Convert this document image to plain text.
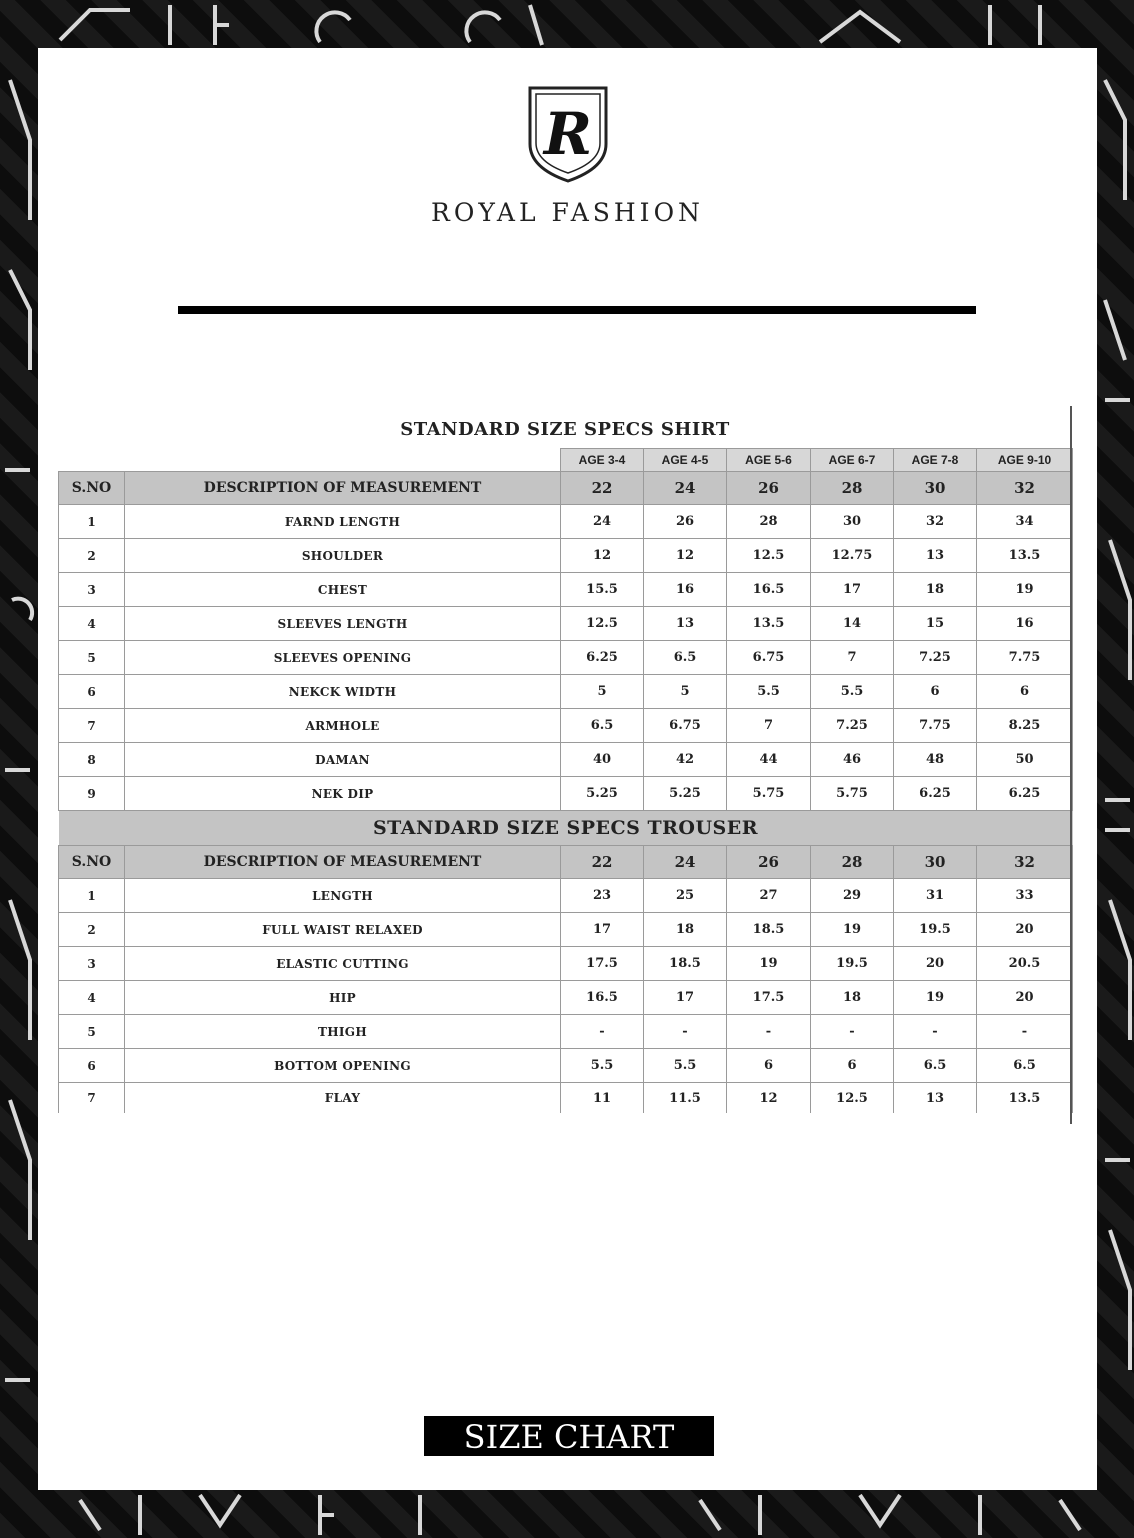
R
ROYAL FASHION
STANDARD SIZE SPECS SHIRT
		AGE 3-4	AGE 4-5	AGE 5-6	AGE 6-7	AGE 7-8	AGE 9-10
S.NO	DESCRIPTION OF MEASUREMENT	22	24	26	28	30	32
1	FARND LENGTH	24	26	28	30	32	34
2	SHOULDER	12	12	12.5	12.75	13	13.5
3	CHEST	15.5	16	16.5	17	18	19
4	SLEEVES LENGTH	12.5	13	13.5	14	15	16
5	SLEEVES OPENING	6.25	6.5	6.75	7	7.25	7.75
6	NEKCK WIDTH	5	5	5.5	5.5	6	6
7	ARMHOLE	6.5	6.75	7	7.25	7.75	8.25
8	DAMAN	40	42	44	46	48	50
9	NEK DIP	5.25	5.25	5.75	5.75	6.25	6.25
STANDARD SIZE SPECS TROUSER							
S.NO	DESCRIPTION OF MEASUREMENT	22	24	26	28	30	32
1	LENGTH	23	25	27	29	31	33
2	FULL WAIST RELAXED	17	18	18.5	19	19.5	20
3	ELASTIC CUTTING	17.5	18.5	19	19.5	20	20.5
4	HIP	16.5	17	17.5	18	19	20
5	THIGH	-	-	-	-	-	-
6	BOTTOM OPENING	5.5	5.5	6	6	6.5	6.5
7	FLAY	11	11.5	12	12.5	13	13.5
SIZE CHART
